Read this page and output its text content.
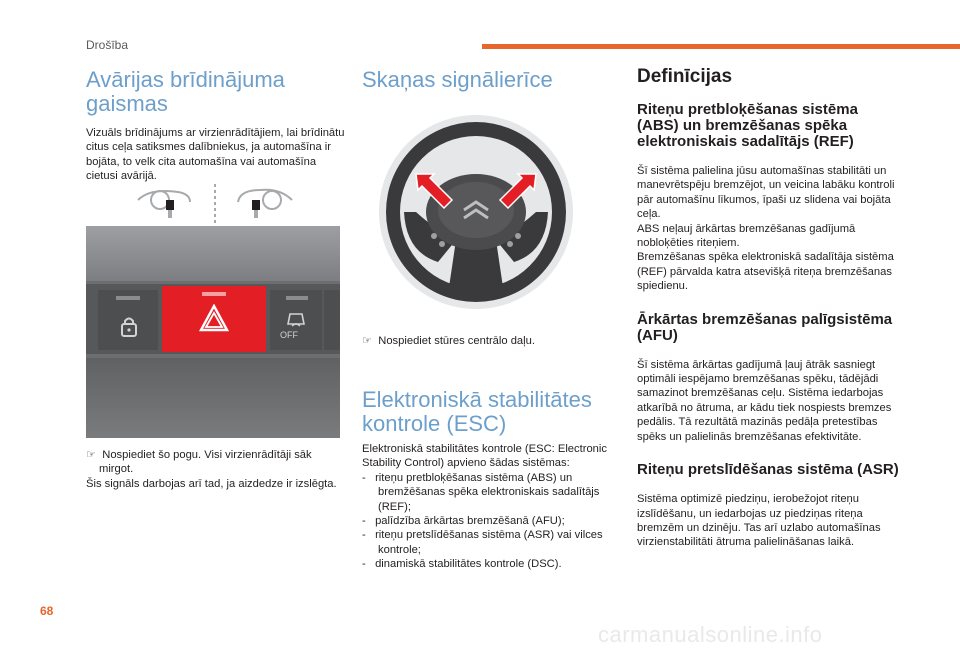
Drošība
Avārijas brīdinājuma gaismas

Vizuāls brīdinājums ar virzienrādītājiem, lai brīdinātu citus ceļa satiksmes dalībniekus, ja automašīna ir bojāta, to velk cita automašīna vai automašīna cietusi avārijā.

OFF

☞  Nospiediet šo pogu. Visi virzienrādītāji sāk mirgot.

Šis signāls darbojas arī tad, ja aizdedze ir izslēgta.

Skaņas signālierīce

☞  Nospiediet stūres centrālo daļu.

Elektroniskā stabilitātes kontrole (ESC)

Elektroniskā stabilitātes kontrole (ESC: Electronic Stability Control) apvieno šādas sistēmas:

-   riteņu pretbloķēšanas sistēma (ABS) un bremžēšanas spēka elektroniskais sadalītājs (REF);

-   palīdzība ārkārtas bremzēšanā (AFU);

-   riteņu pretslīdēšanas sistēma (ASR) vai vilces kontrole;

-   dinamiskā stabilitātes kontrole (DSC).

Definīcijas
Riteņu pretbloķēšanas sistēma (ABS) un bremzēšanas spēka elektroniskais sadalītājs (REF)

Šī sistēma palielina jūsu automašīnas stabilitāti un manevrētspēju bremzējot, un veicina labāku kontroli pār automašīnu līkumos, īpaši uz slidena vai bojāta ceļa.

ABS neļauj ārkārtas bremzēšanas gadījumā nobloķēties riteņiem.

Bremzēšanas spēka elektroniskā sadalītāja sistēma (REF) pārvalda katra atsevišķā riteņa bremzēšanas spiedienu.

Ārkārtas bremzēšanas palīgsistēma (AFU)

Šī sistēma ārkārtas gadījumā ļauj ātrāk sasniegt optimāli iespējamo bremzēšanas spēku, tādējādi samazinot bremzēšanas ceļu. Sistēma iedarbojas atkarībā no ātruma, ar kādu tiek nospiests bremzes pedālis. Tā rezultātā mazinās pedāļa pretestības spēks un palielinās bremzēšanas efektivitāte.

Riteņu pretslīdēšanas sistēma (ASR)

Sistēma optimizē piedziņu, ierobežojot riteņu izslīdēšanu, un iedarbojas uz piedziņas riteņa bremzēm un dzinēju. Tas arī uzlabo automašīnas virzienstabilitāti ātruma palielināšanas laikā.

68
carmanualsonline.info
